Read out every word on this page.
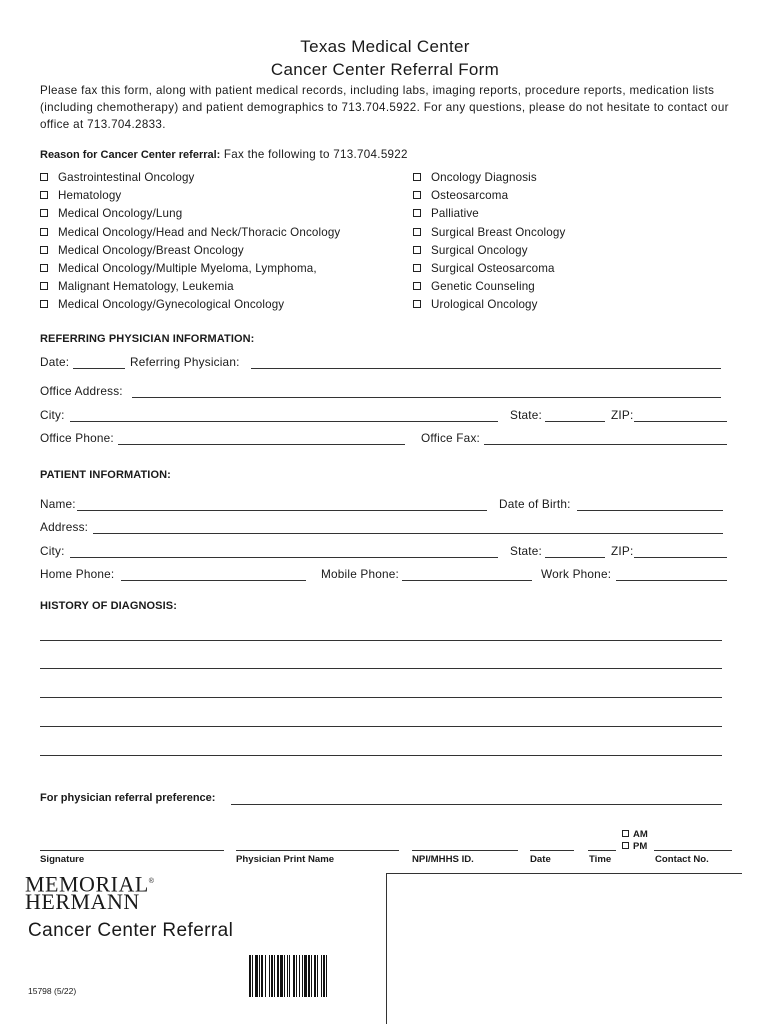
Texas Medical Center
Cancer Center Referral Form
Please fax this form, along with patient medical records, including labs, imaging reports, procedure reports, medication lists (including chemotherapy) and patient demographics to 713.704.5922. For any questions, please do not hesitate to contact our office at 713.704.2833.
Reason for Cancer Center referral: Fax the following to 713.704.5922
Gastrointestinal Oncology
Hematology
Medical Oncology/Lung
Medical Oncology/Head and Neck/Thoracic Oncology
Medical Oncology/Breast Oncology
Medical Oncology/Multiple Myeloma, Lymphoma,
Malignant Hematology, Leukemia
Medical Oncology/Gynecological Oncology
Oncology Diagnosis
Osteosarcoma
Palliative
Surgical Breast Oncology
Surgical Oncology
Surgical Osteosarcoma
Genetic Counseling
Urological Oncology
REFERRING PHYSICIAN INFORMATION:
Date:	Referring Physician:
Office Address:
City:	State:	ZIP:
Office Phone:	Office Fax:
PATIENT INFORMATION:
Name:	Date of Birth:
Address:
City:	State:	ZIP:
Home Phone:	Mobile Phone:	Work Phone:
HISTORY OF DIAGNOSIS:
For physician referral preference:
AM
PM
Signature	Physician Print Name	NPI/MHHS ID.	Date	Time	Contact No.
MEMORIAL®
HERMANN
Cancer Center Referral
15798 (5/22)
